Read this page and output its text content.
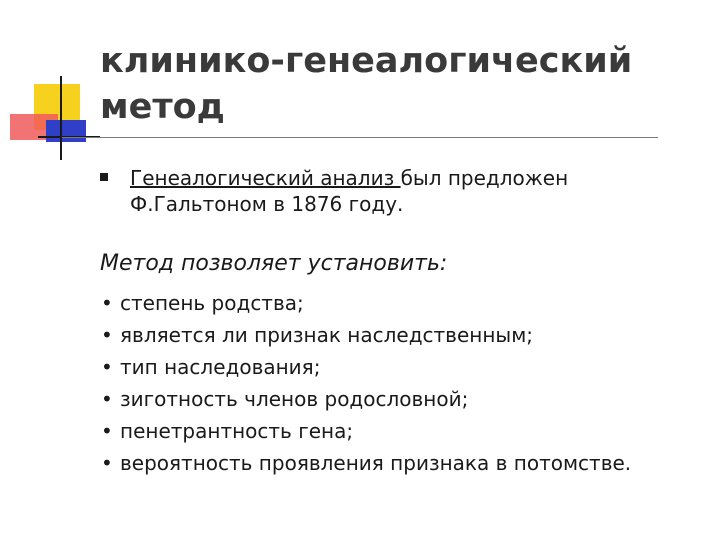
клинико-генеалогический метод
Генеалогический анализ был предложен Ф.Гальтоном в 1876 году.
Метод позволяет установить:
• степень родства;
• является ли признак наследственным;
• тип наследования;
• зиготность членов родословной;
• пенетрантность гена;
• вероятность проявления признака в потомстве.
